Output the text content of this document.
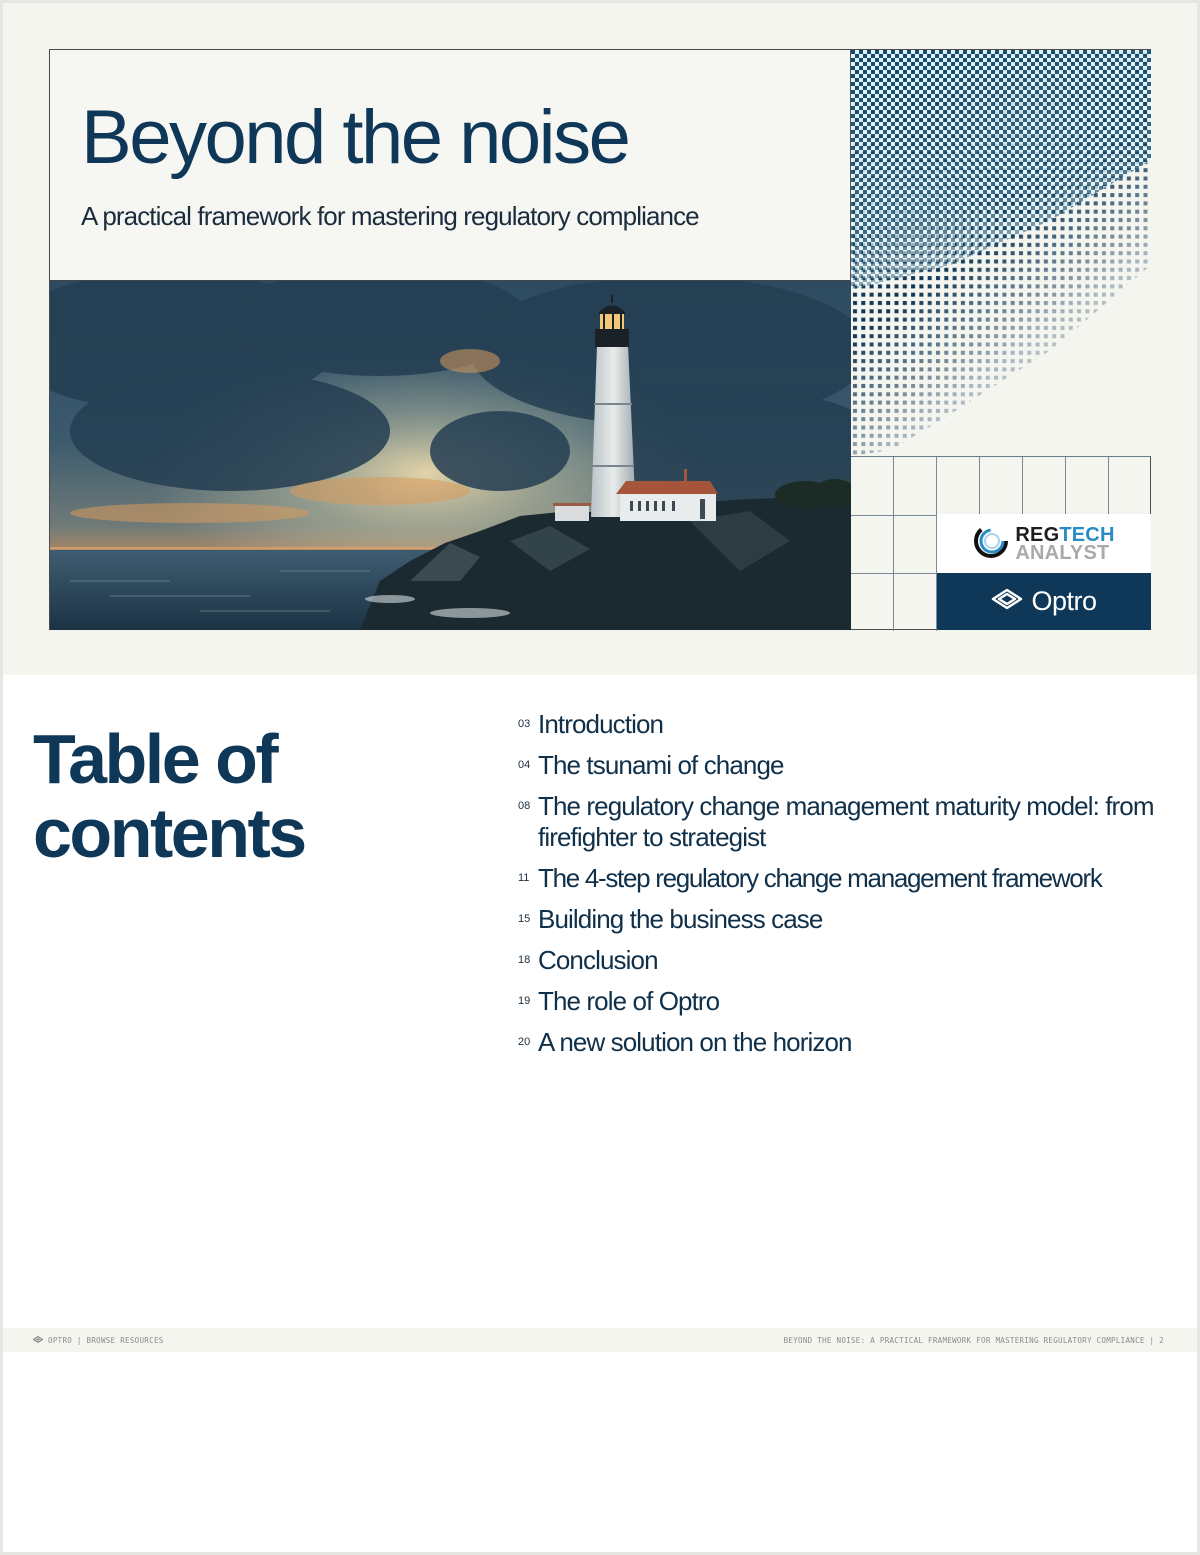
Beyond the noise
A practical framework for mastering regulatory compliance
REGTECH
ANALYST
Optro
Table of
contents
03 Introduction
04 The tsunami of change
08 The regulatory change management maturity model: from firefighter to strategist
11 The 4-step regulatory change management framework
15 Building the business case
18 Conclusion
19 The role of Optro
20 A new solution on the horizon
OPTRO | BROWSE RESOURCES	BEYOND THE NOISE: A PRACTICAL FRAMEWORK FOR MASTERING REGULATORY COMPLIANCE | 2
